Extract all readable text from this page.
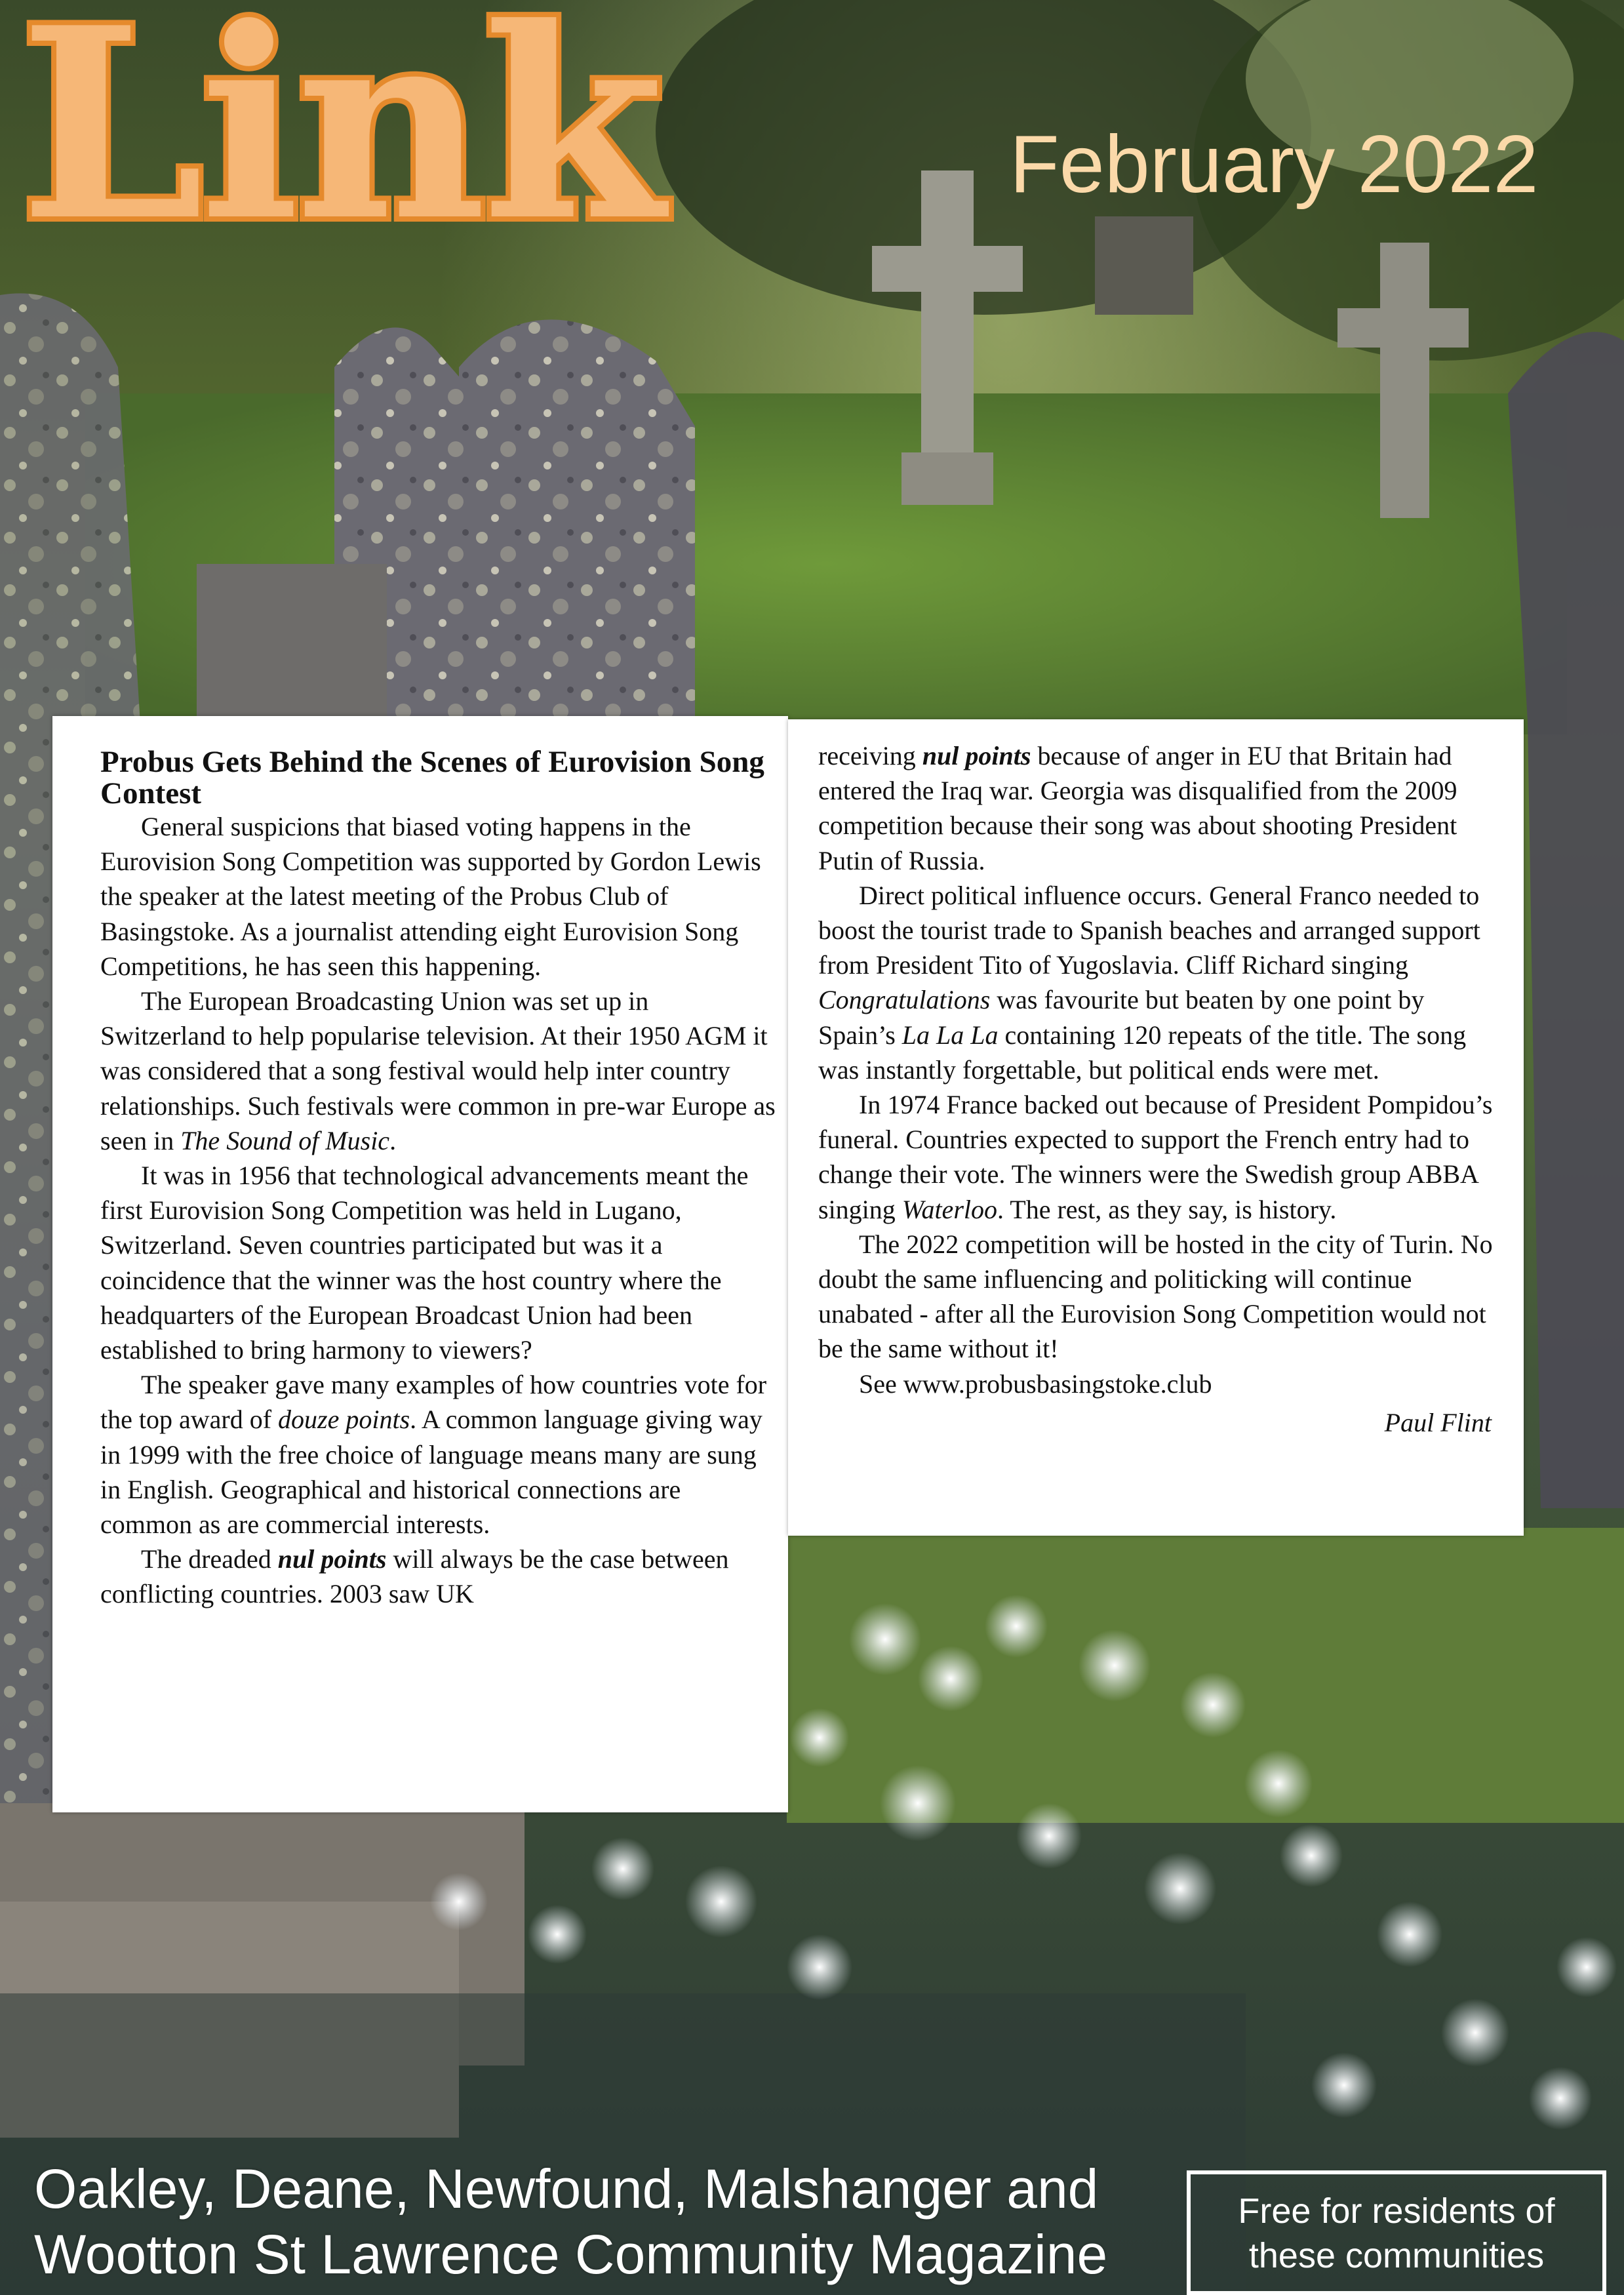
Link	February 2022
Probus Gets Behind the Scenes of Eurovision Song Contest

General suspicions that biased voting happens in the Eurovision Song Competition was supported by Gordon Lewis the speaker at the latest meeting of the Probus Club of Basingstoke. As a journalist attending eight Eurovision Song Competitions, he has seen this happening.

The European Broadcasting Union was set up in Switzerland to help popularise television. At their 1950 AGM it was considered that a song festival would help inter country relationships. Such festivals were common in pre-war Europe as seen in The Sound of Music.

It was in 1956 that technological advancements meant the first Eurovision Song Competition was held in Lugano, Switzerland. Seven countries participated but was it a coincidence that the winner was the host country where the headquarters of the European Broadcast Union had been established to bring harmony to viewers?

The speaker gave many examples of how countries vote for the top award of douze points. A common language giving way in 1999 with the free choice of language means many are sung in English. Geographical and historical connections are common as are commercial interests.

The dreaded nul points will always be the case between conflicting countries. 2003 saw UK

receiving nul points because of anger in EU that Britain had entered the Iraq war. Georgia was disqualified from the 2009 competition because their song was about shooting President Putin of Russia.

Direct political influence occurs. General Franco needed to boost the tourist trade to Spanish beaches and arranged support from President Tito of Yugoslavia. Cliff Richard singing Congratulations was favourite but beaten by one point by Spain’s La La La containing 120 repeats of the title. The song was instantly forgettable, but political ends were met.

In 1974 France backed out because of President Pompidou’s funeral. Countries expected to support the French entry had to change their vote. The winners were the Swedish group ABBA singing Waterloo. The rest, as they say, is history.

The 2022 competition will be hosted in the city of Turin. No doubt the same influencing and politicking will continue unabated - after all the Eurovision Song Competition would not be the same without it!

See www.probusbasingstoke.club

Paul Flint
Oakley, Deane, Newfound, Malshanger and
Wootton St Lawrence Community Magazine
Free for residents of
these communities
